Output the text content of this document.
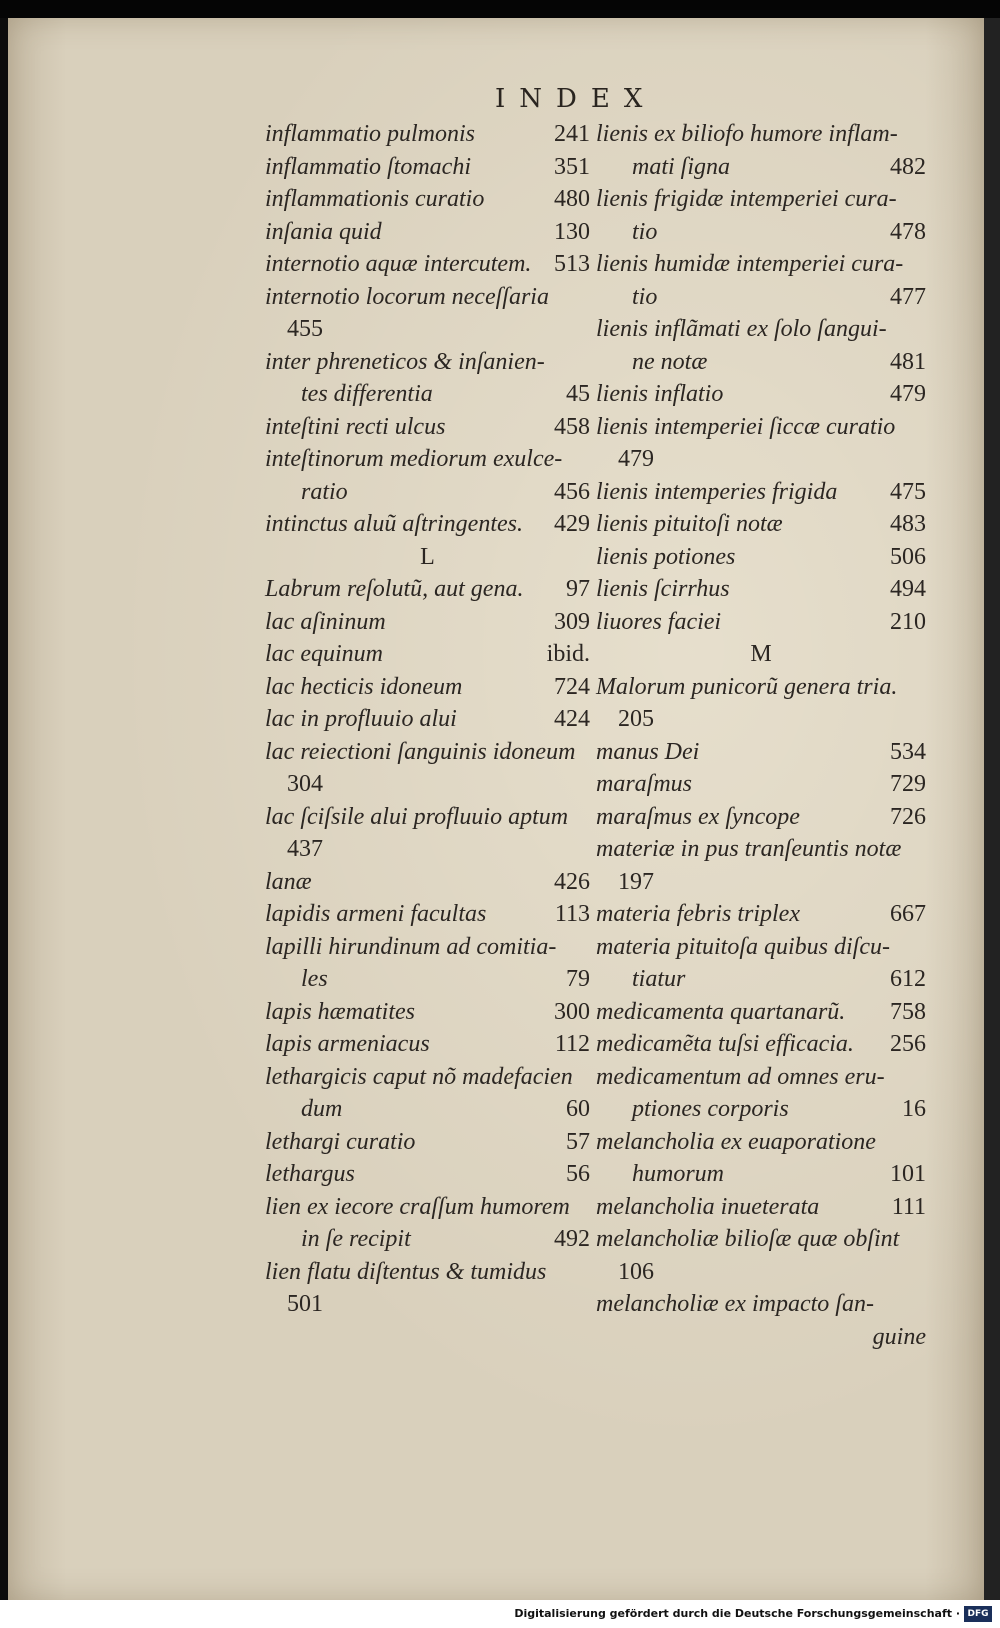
INDEX
inflammatio pulmonis	241
inflammatio ſtomachi	351
inflammationis curatio	480
inſania quid	130
internotio aquæ intercutem. 513
internotio locorum neceſſaria
455
inter phreneticos & inſanien-
tes differentia	45
inteſtini recti ulcus	458
inteſtinorum mediorum exulce-
ratio	456
intinctus aluũ aſtringentes. 429
L
Labrum reſolutũ, aut gena. 97
lac aſininum	309
lac equinum	ibid.
lac hecticis idoneum	724
lac in profluuio alui	424
lac reiectioni ſanguinis idoneum
304
lac ſciſsile alui profluuio aptum
437
lanæ	426
lapidis armeni facultas	113
lapilli hirundinum ad comitia-
les	79
lapis hæmatites	300
lapis armeniacus	112
lethargicis caput nõ madefacien
dum	60
lethargi curatio	57
lethargus	56
lien ex iecore craſſum humorem
in ſe recipit	492
lien flatu diſtentus & tumidus
501
lienis ex biliofo humore inflam-
mati ſigna	482
lienis frigidæ intemperiei cura-
tio	478
lienis humidæ intemperiei cura-
tio	477
lienis inflãmati ex ſolo ſangui-
ne notæ	481
lienis inflatio	479
lienis intemperiei ſiccæ curatio
479
lienis intemperies frigida 475
lienis pituitoſi notæ	483
lienis potiones	506
lienis ſcirrhus	494
liuores faciei	210
M
Malorum punicorũ genera tria.
205
manus Dei	534
maraſmus	729
maraſmus ex ſyncope	726
materiæ in pus tranſeuntis notæ
197
materia febris triplex	667
materia pituitoſa quibus diſcu-
tiatur	612
medicamenta quartanarũ. 758
medicamẽta tuſsi efficacia. 256
medicamentum ad omnes eru-
ptiones corporis	16
melancholia ex euaporatione
humorum	101
melancholia inueterata	111
melancholiæ bilioſæ quæ obſint
106
melancholiæ ex impacto ſan-
guine
Digitalisierung gefördert durch die Deutsche Forschungsgemeinschaft · DFG
